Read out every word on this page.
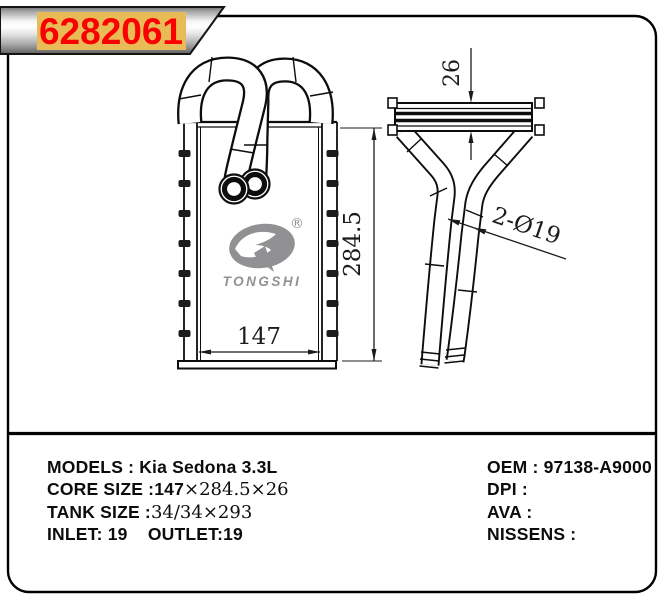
®
TONGSHI
147
284.5
26
2-Ø19
6282061
MODELS : Kia Sedona 3.3L
CORE SIZE :147×284.5×26
TANK SIZE :34/34×293
INLET: 19    OUTLET:19
OEM : 97138-A9000
DPI :
AVA :
NISSENS :
